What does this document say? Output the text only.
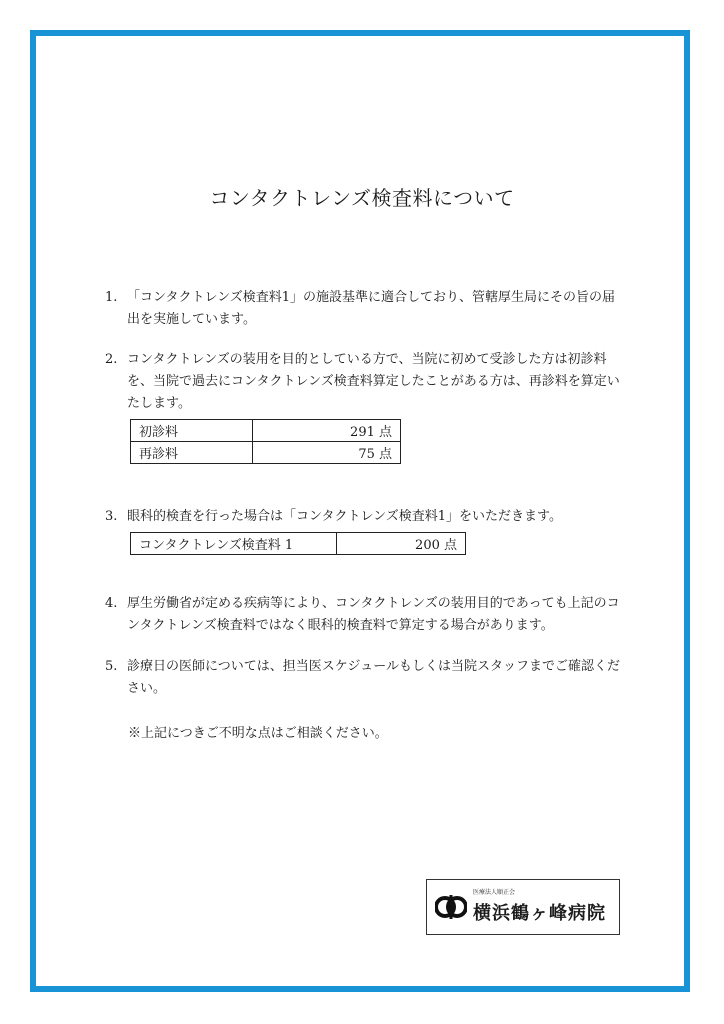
コンタクトレンズ検査料について
1. 「コンタクトレンズ検査料1」の施設基準に適合しており、管轄厚生局にその旨の届出を実施しています。
2. コンタクトレンズの装用を目的としている方で、当院に初めて受診した方は初診料を、当院で過去にコンタクトレンズ検査料算定したことがある方は、再診料を算定いたします。
初診料	291 点
再診料	75 点
3. 眼科的検査を行った場合は「コンタクトレンズ検査料1」をいただきます。
コンタクトレンズ検査料 1	200 点
4. 厚生労働省が定める疾病等により、コンタクトレンズの装用目的であっても上記のコンタクトレンズ検査料ではなく眼科的検査料で算定する場合があります。
5. 診療日の医師については、担当医スケジュールもしくは当院スタッフまでご確認ください。
※上記につきご不明な点はご相談ください。
医療法人順正会
横浜鶴ヶ峰病院
